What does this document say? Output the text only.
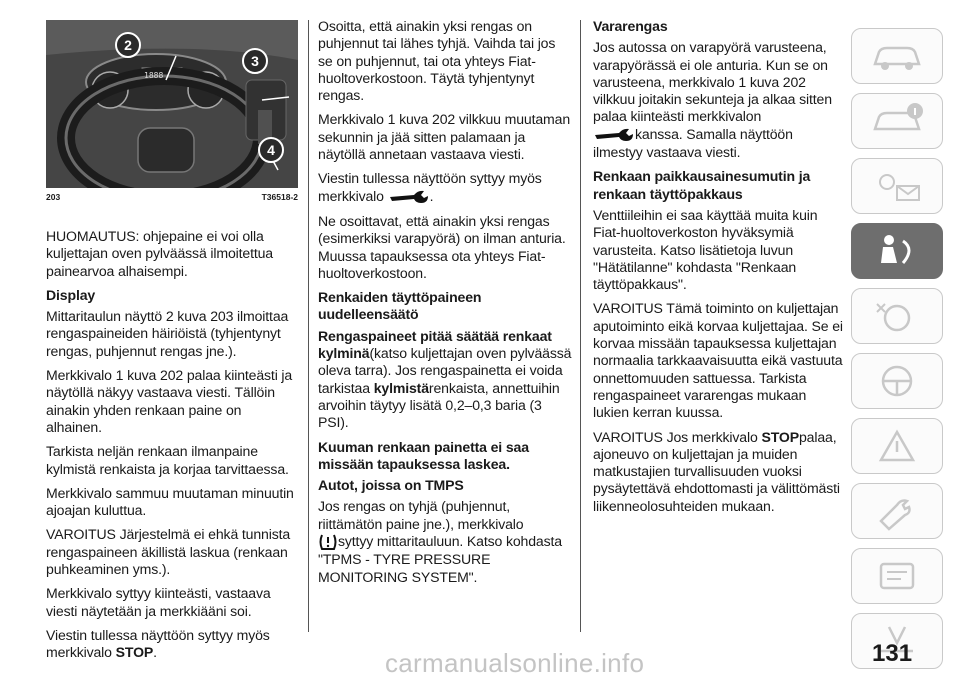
2
3
4
1888
203	T36518-2

HUOMAUTUS: ohjepaine ei voi olla kuljettajan oven pylväässä ilmoitettua painearvoa alhaisempi.

Display

Mittaritaulun näyttö 2 kuva 203 ilmoittaa rengaspaineiden häiriöistä (tyhjentynyt rengas, puhjennut rengas jne.).

Merkkivalo 1 kuva 202 palaa kiinteästi ja näytöllä näkyy vastaava viesti. Tällöin ainakin yhden renkaan paine on alhainen.

Tarkista neljän renkaan ilmanpaine kylmistä renkaista ja korjaa tarvittaessa.

Merkkivalo sammuu muutaman minuutin ajoajan kuluttua.

VAROITUS Järjestelmä ei ehkä tunnista rengaspaineen äkillistä laskua (renkaan puhkeaminen yms.).

Merkkivalo syttyy kiinteästi, vastaava viesti näytetään ja merkkiääni soi.

Viestin tullessa näyttöön syttyy myös merkkivalo STOP.

Osoitta, että ainakin yksi rengas on puhjennut tai lähes tyhjä. Vaihda tai jos se on puhjennut, tai ota yhteys Fiat-huoltoverkostoon. Täytä tyhjentynyt rengas.

Merkkivalo 1 kuva 202 vilkkuu muutaman sekunnin ja jää sitten palamaan ja näytöllä annetaan vastaava viesti.

Viestin tullessa näyttöön syttyy myös merkkivalo	.

Ne osoittavat, että ainakin yksi rengas (esimerkiksi varapyörä) on ilman anturia. Muussa tapauksessa ota yhteys Fiat-huoltoverkostoon.

Renkaiden täyttöpaineen uudelleensäätö
Rengaspaineet pitää säätää renkaat

kylminä(katso kuljettajan oven pylväässä oleva tarra). Jos rengaspainetta ei voida tarkistaa kylmistärenkaista, annettuihin arvoihin täytyy lisätä 0,2–0,3 baria (3 PSI).

Kuuman renkaan painetta ei saa missään tapauksessa laskea.
Autot, joissa on TMPS

Jos rengas on tyhjä (puhjennut, riittämätön paine jne.), merkkivalo
syttyy mittaritauluun. Katso kohdasta "TPMS - TYRE PRESSURE MONITORING SYSTEM".

Vararengas

Jos autossa on varapyörä varusteena, varapyörässä ei ole anturia. Kun se on varusteena, merkkivalo 1 kuva 202 vilkkuu joitakin sekunteja ja alkaa sitten palaa kiinteästi merkkivalon
kanssa. Samalla näyttöön ilmestyy vastaava viesti.

Renkaan paikkausainesumutin ja renkaan täyttöpakkaus

Venttiileihin ei saa käyttää muita kuin Fiat-huoltoverkoston hyväksymiä varusteita. Katso lisätietoja luvun "Hätätilanne" kohdasta "Renkaan täyttöpakkaus".

VAROITUS Tämä toiminto on kuljettajan aputoiminto eikä korvaa kuljettajaa. Se ei korvaa missään tapauksessa kuljettajan normaalia tarkkaavaisuutta eikä vastuuta onnettomuuden sattuessa. Tarkista rengaspaineet vararengas mukaan lukien kerran kuussa.

VAROITUS Jos merkkivalo STOPpalaa, ajoneuvo on kuljettajan ja muiden matkustajien turvallisuuden vuoksi pysäytettävä ehdottomasti ja välittömästi liikenneolosuhteiden mukaan.

131
carmanualsonline.info
